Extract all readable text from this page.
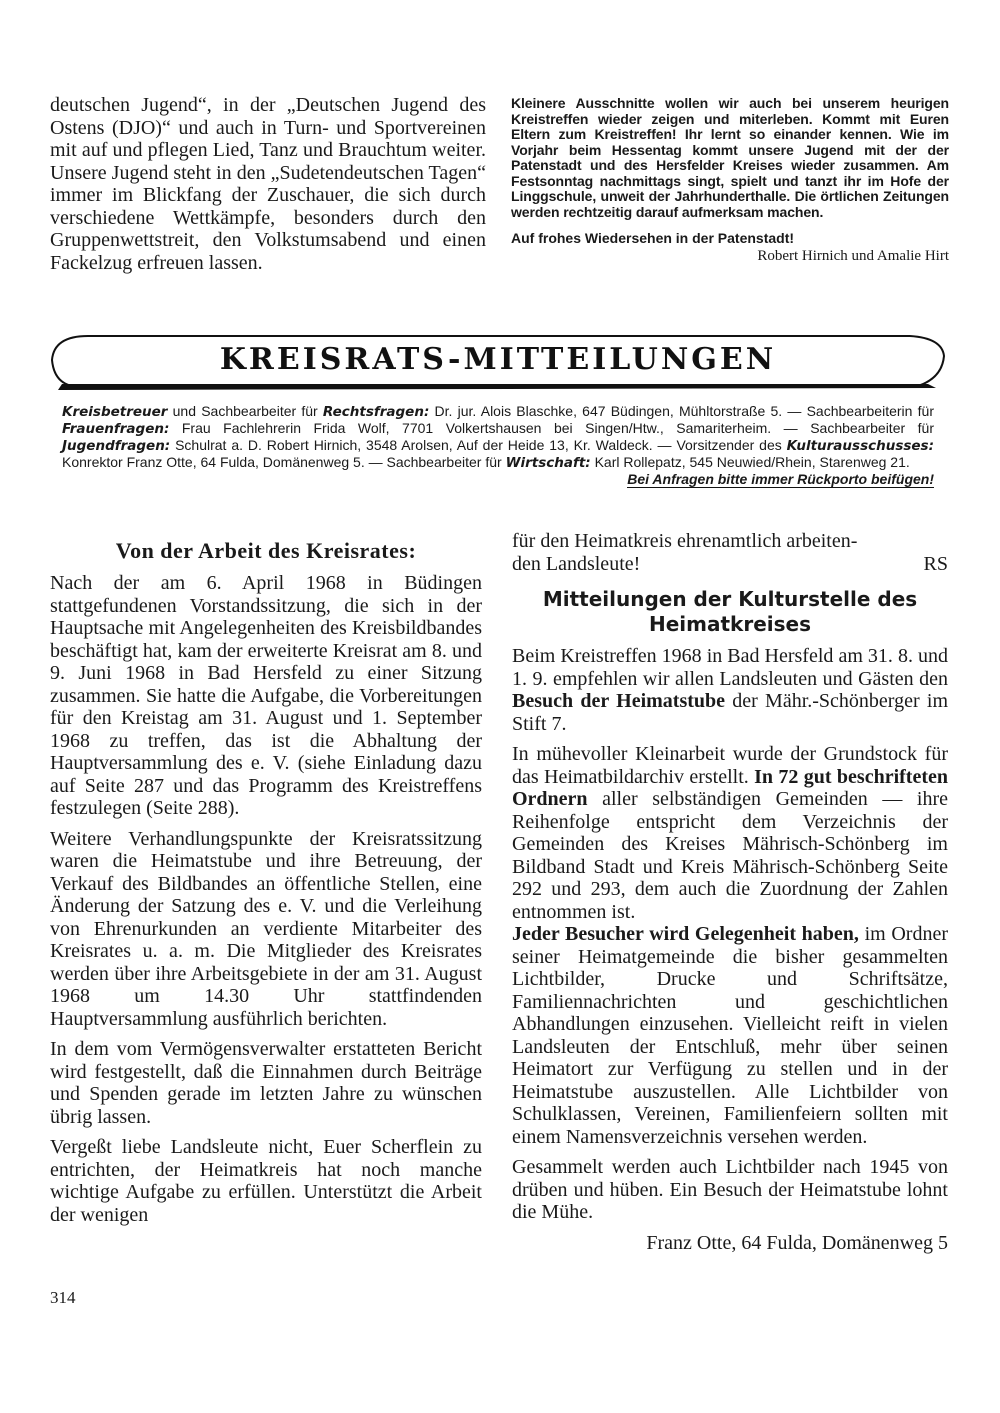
deutschen Jugend“, in der „Deutschen Jugend des Ostens (DJO)“ und auch in Turn- und Sportvereinen mit auf und pflegen Lied, Tanz und Brauchtum weiter. Unsere Jugend steht in den „Sudetendeutschen Tagen“ immer im Blickfang der Zuschauer, die sich durch verschiedene Wettkämpfe, besonders durch den Gruppenwettstreit, den Volkstumsabend und einen Fackelzug erfreuen lassen.

Kleinere Ausschnitte wollen wir auch bei unserem heurigen Kreistreffen wieder zeigen und miterleben. Kommt mit Euren Eltern zum Kreistreffen! Ihr lernt so einander kennen. Wie im Vorjahr beim Hessentag kommt unsere Jugend mit der der Patenstadt und des Hersfelder Kreises wieder zusammen. Am Festsonntag nachmittags singt, spielt und tanzt ihr im Hofe der Linggschule, unweit der Jahrhunderthalle. Die örtlichen Zeitungen werden rechtzeitig darauf aufmerksam machen.

Auf frohes Wiedersehen in der Patenstadt!

Robert Hirnich und Amalie Hirt

KREISRATS-MITTEILUNGEN

Kreisbetreuer und Sachbearbeiter für Rechtsfragen: Dr. jur. Alois Blaschke, 647 Büdingen, Mühltorstraße 5. — Sachbearbeiterin für Frauenfragen: Frau Fachlehrerin Frida Wolf, 7701 Volkertshausen bei Singen/Htw., Samariterheim. — Sachbearbeiter für Jugendfragen: Schulrat a. D. Robert Hirnich, 3548 Arolsen, Auf der Heide 13, Kr. Waldeck. — Vorsitzender des Kulturausschusses: Konrektor Franz Otte, 64 Fulda, Domänenweg 5. — Sachbearbeiter für Wirtschaft: Karl Rollepatz, 545 Neuwied/Rhein, Starenweg 21.

Bei Anfragen bitte immer Rückporto beifügen!

Von der Arbeit des Kreisrates:

Nach der am 6. April 1968 in Büdingen stattgefundenen Vorstandssitzung, die sich in der Hauptsache mit Angelegenheiten des Kreisbildbandes beschäftigt hat, kam der erweiterte Kreisrat am 8. und 9. Juni 1968 in Bad Hersfeld zu einer Sitzung zusammen. Sie hatte die Aufgabe, die Vorbereitungen für den Kreistag am 31. August und 1. September 1968 zu treffen, das ist die Abhaltung der Hauptversammlung des e. V. (siehe Einladung dazu auf Seite 287 und das Programm des Kreistreffens festzulegen (Seite 288).

Weitere Verhandlungspunkte der Kreisratssitzung waren die Heimatstube und ihre Betreuung, der Verkauf des Bildbandes an öffentliche Stellen, eine Änderung der Satzung des e. V. und die Verleihung von Ehrenurkunden an verdiente Mitarbeiter des Kreisrates u. a. m. Die Mitglieder des Kreisrates werden über ihre Arbeitsgebiete in der am 31. August 1968 um 14.30 Uhr stattfindenden Hauptversammlung ausführlich berichten.

In dem vom Vermögensverwalter erstatteten Bericht wird festgestellt, daß die Einnahmen durch Beiträge und Spenden gerade im letzten Jahre zu wünschen übrig lassen.

Vergeßt liebe Landsleute nicht, Euer Scherflein zu entrichten, der Heimatkreis hat noch manche wichtige Aufgabe zu erfüllen. Unterstützt die Arbeit der wenigen

für den Heimatkreis ehrenamtlich arbeiten-

den Landsleute!	RS

Mitteilungen der Kulturstelle des
Heimatkreises

Beim Kreistreffen 1968 in Bad Hersfeld am 31. 8. und 1. 9. empfehlen wir allen Landsleuten und Gästen den Besuch der Heimatstube der Mähr.-Schönberger im Stift 7.

In mühevoller Kleinarbeit wurde der Grundstock für das Heimatbildarchiv erstellt. In 72 gut beschrifteten Ordnern aller selbständigen Gemeinden — ihre Reihenfolge entspricht dem Verzeichnis der Gemeinden des Kreises Mährisch-Schönberg im Bildband Stadt und Kreis Mährisch-Schönberg Seite 292 und 293, dem auch die Zuordnung der Zahlen entnommen ist.

Jeder Besucher wird Gelegenheit haben, im Ordner seiner Heimatgemeinde die bisher gesammelten Lichtbilder, Drucke und Schriftsätze, Familiennachrichten und geschichtlichen Abhandlungen einzusehen. Vielleicht reift in vielen Landsleuten der Entschluß, mehr über seinen Heimatort zur Verfügung zu stellen und in der Heimatstube auszustellen. Alle Lichtbilder von Schulklassen, Vereinen, Familienfeiern sollten mit einem Namensverzeichnis versehen werden.

Gesammelt werden auch Lichtbilder nach 1945 von drüben und hüben. Ein Besuch der Heimatstube lohnt die Mühe.

Franz Otte, 64 Fulda, Domänenweg 5

314
